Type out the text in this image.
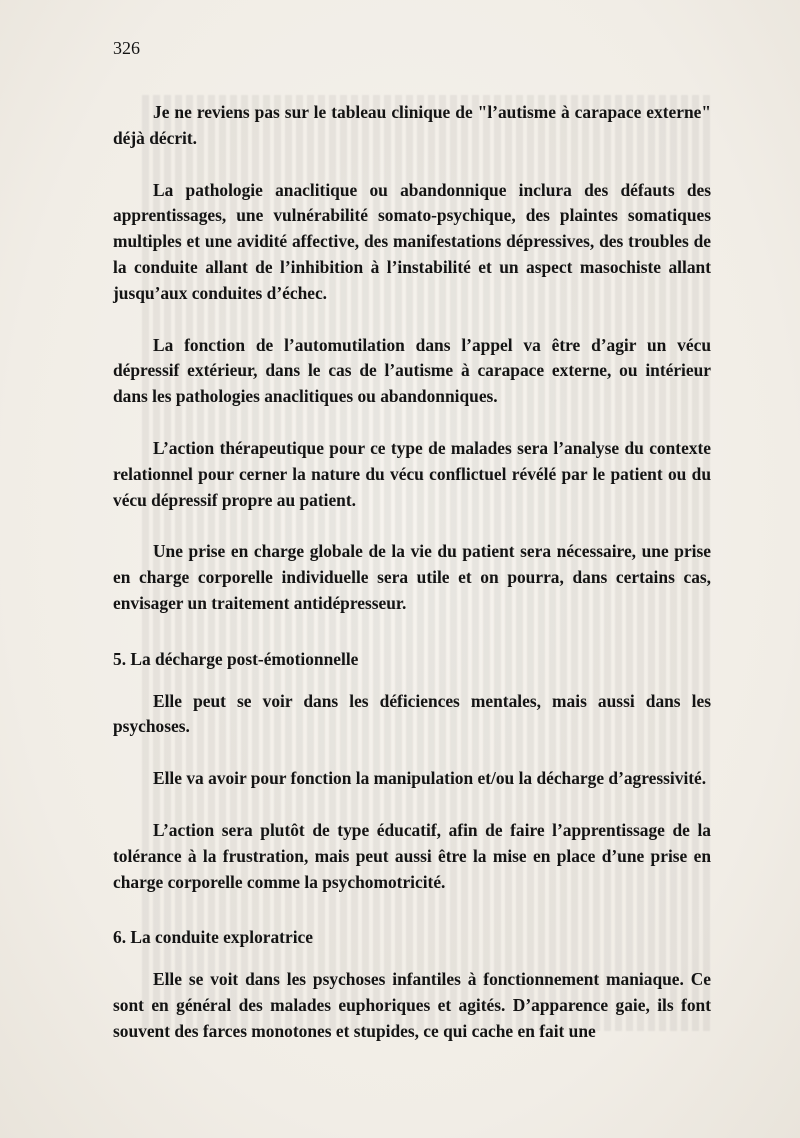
326

Je ne reviens pas sur le tableau clinique de "l’autisme à carapace externe" déjà décrit.

La pathologie anaclitique ou abandonnique inclura des défauts des apprentissages, une vulnérabilité somato-psychique, des plaintes somatiques multiples et une avidité affective, des manifestations dépressives, des troubles de la conduite allant de l’inhibition à l’instabilité et un aspect masochiste allant jusqu’aux conduites d’échec.

La fonction de l’automutilation dans l’appel va être d’agir un vécu dépressif extérieur, dans le cas de l’autisme à carapace externe, ou intérieur dans les pathologies anaclitiques ou abandonniques.

L’action thérapeutique pour ce type de malades sera l’analyse du contexte relationnel pour cerner la nature du vécu conflictuel révélé par le patient ou du vécu dépressif propre au patient.

Une prise en charge globale de la vie du patient sera nécessaire, une prise en charge corporelle individuelle sera utile et on pourra, dans certains cas, envisager un traitement antidépresseur.

5. La décharge post-émotionnelle

Elle peut se voir dans les déficiences mentales, mais aussi dans les psychoses.

Elle va avoir pour fonction la manipulation et/ou la décharge d’agressivité.

L’action sera plutôt de type éducatif, afin de faire l’apprentissage de la tolérance à la frustration, mais peut aussi être la mise en place d’une prise en charge corporelle comme la psychomotricité.

6. La conduite exploratrice

Elle se voit dans les psychoses infantiles à fonctionnement maniaque. Ce sont en général des malades euphoriques et agités. D’apparence gaie, ils font souvent des farces monotones et stupides, ce qui cache en fait une
